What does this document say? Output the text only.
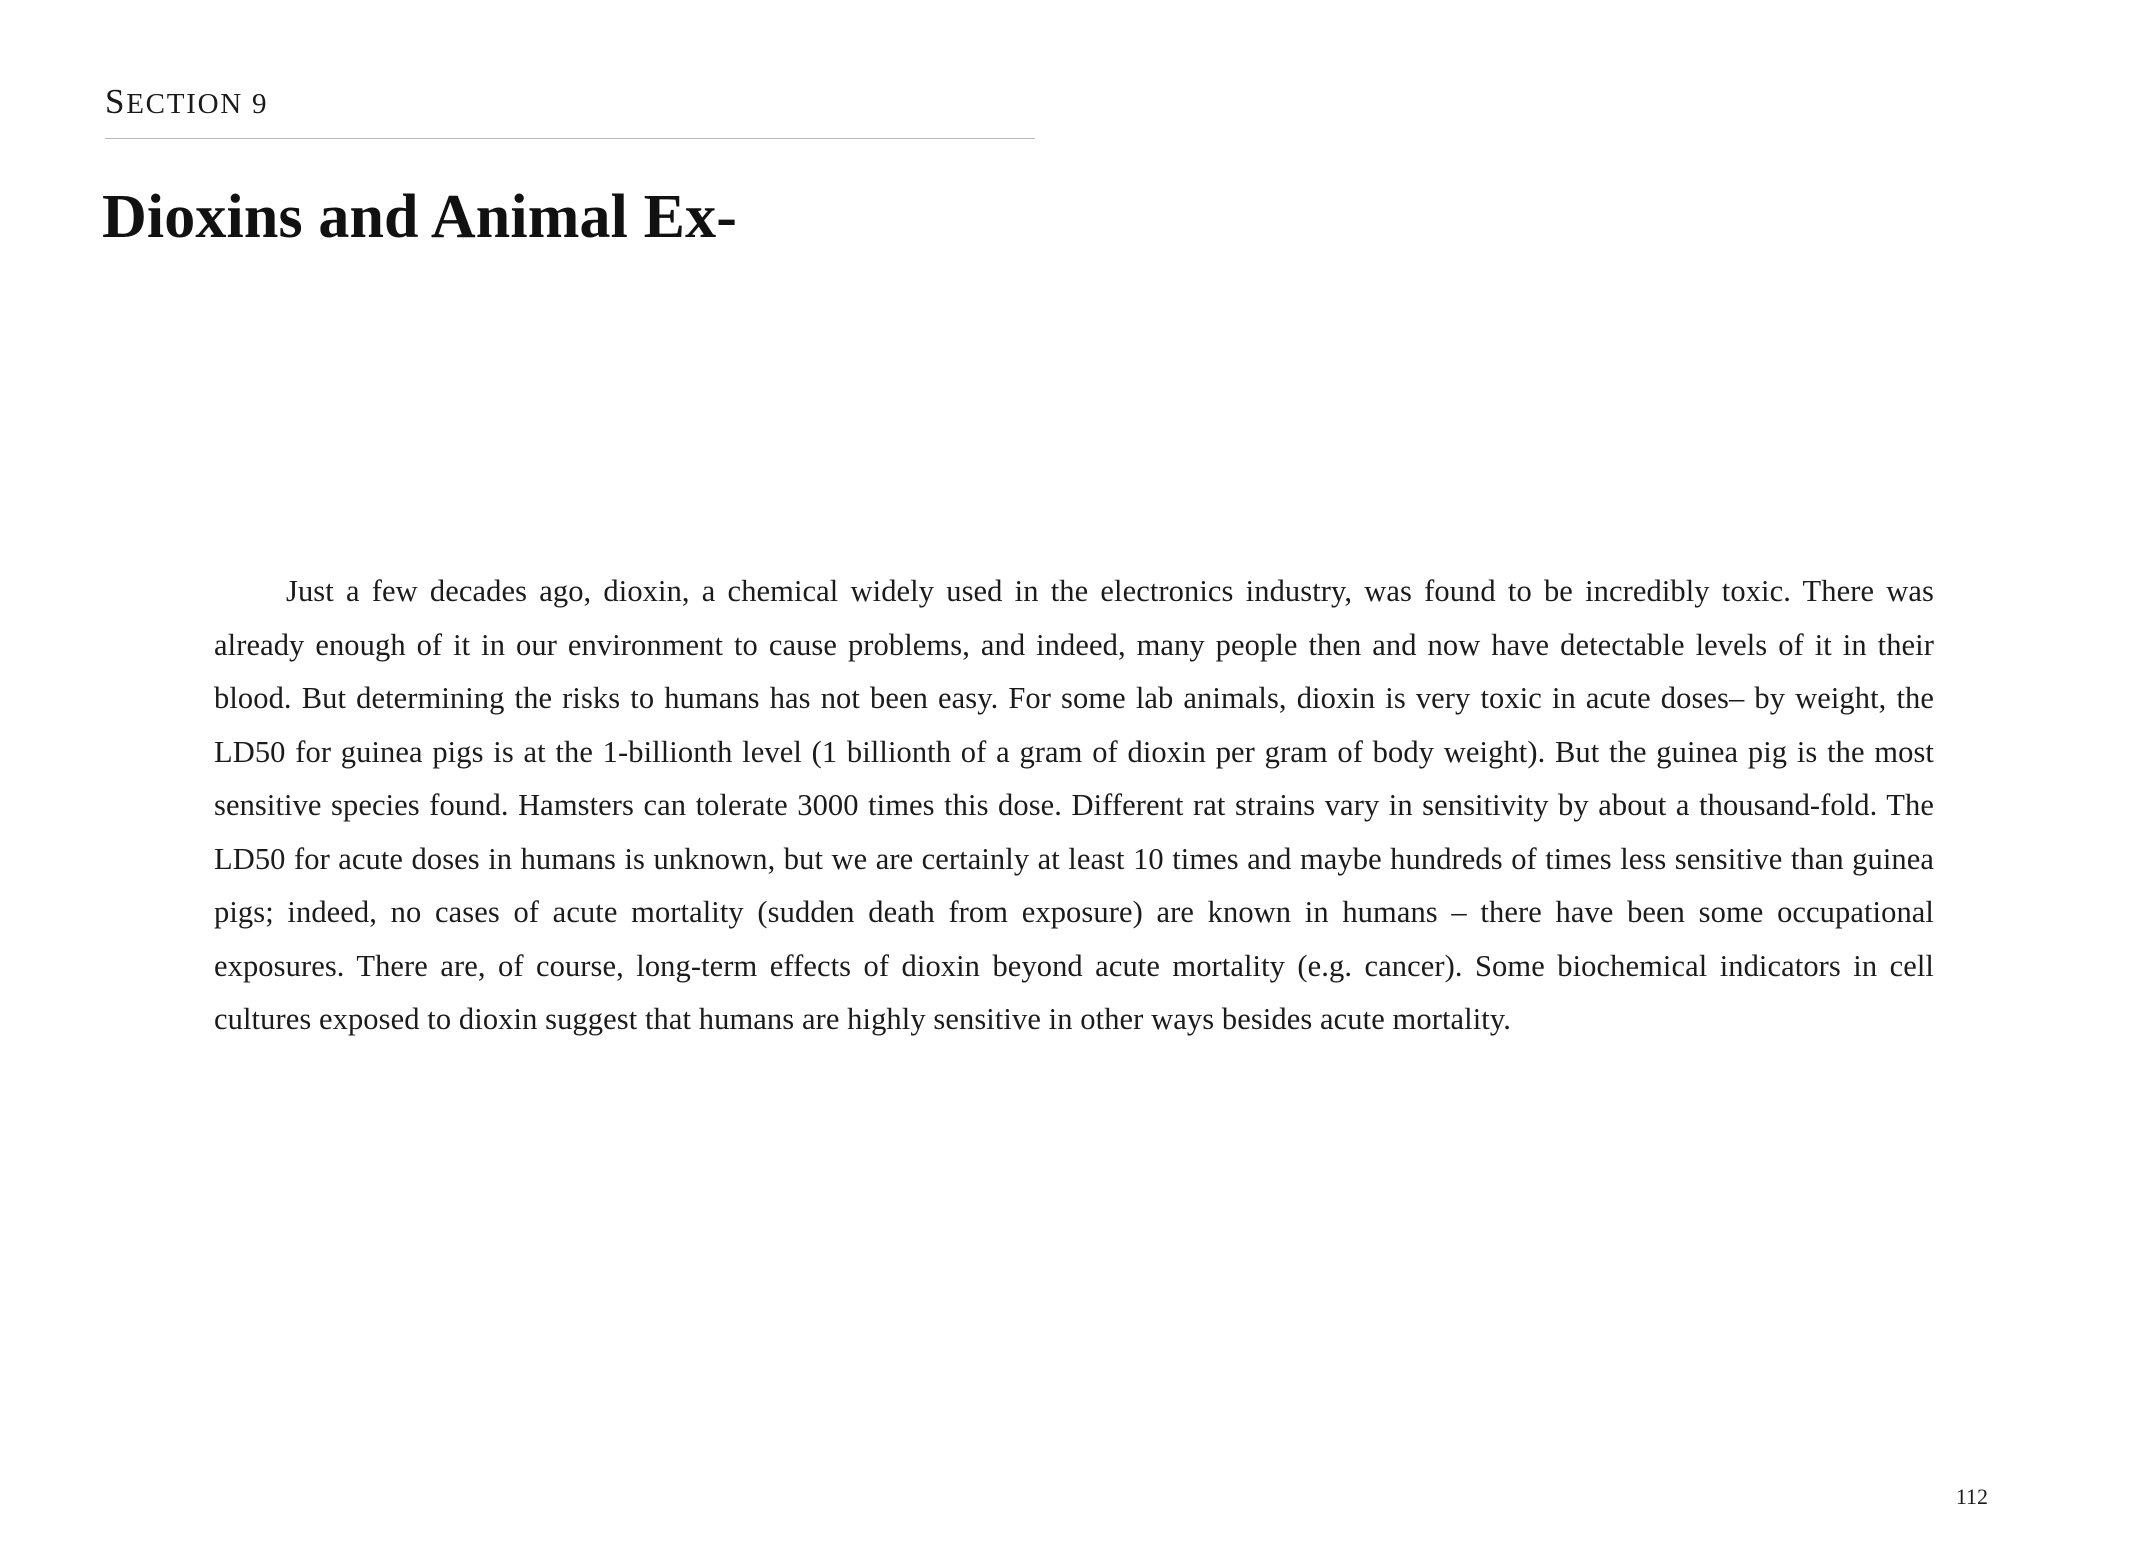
SECTION 9
Dioxins and Animal Ex-

Just a few decades ago, dioxin, a chemical widely used in the electronics industry, was found to be incredibly toxic. There was already enough of it in our environment to cause problems, and indeed, many people then and now have detectable levels of it in their blood. But determining the risks to humans has not been easy. For some lab animals, dioxin is very toxic in acute doses– by weight, the LD50 for guinea pigs is at the 1-billionth level (1 billionth of a gram of dioxin per gram of body weight). But the guinea pig is the most sensitive species found. Hamsters can tolerate 3000 times this dose. Different rat strains vary in sensitivity by about a thousand-fold. The LD50 for acute doses in humans is unknown, but we are certainly at least 10 times and maybe hundreds of times less sensitive than guinea pigs; indeed, no cases of acute mortality (sudden death from exposure) are known in humans – there have been some occupational exposures. There are, of course, long-term effects of dioxin beyond acute mortality (e.g. cancer). Some biochemical indicators in cell cultures exposed to dioxin suggest that humans are highly sensitive in other ways besides acute mortality.

112
